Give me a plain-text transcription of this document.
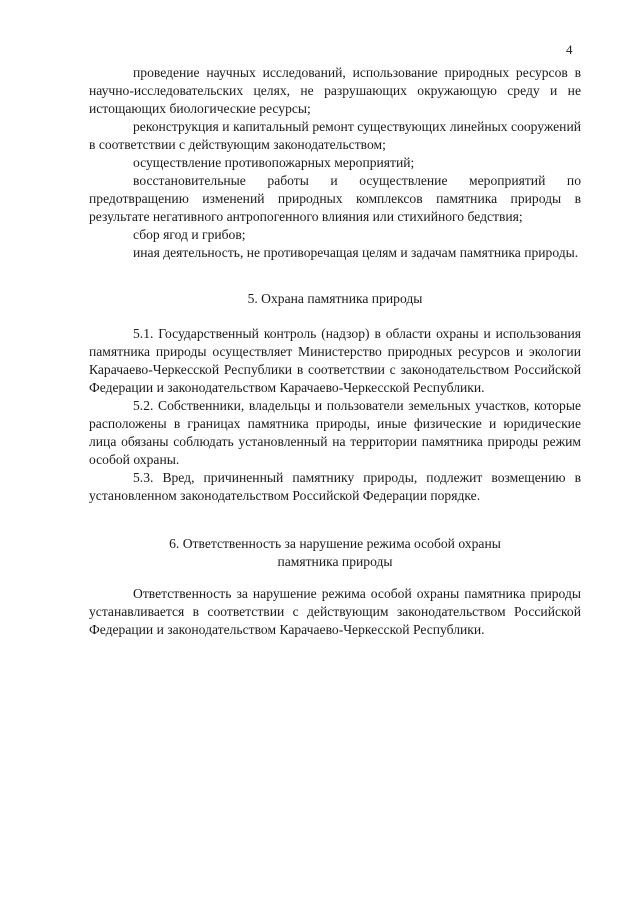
4

проведение научных исследований, использование природных ресурсов в научно-исследовательских целях, не разрушающих окружающую среду и не истощающих биологические ресурсы;

реконструкция и капитальный ремонт существующих линейных сооружений в соответствии с действующим законодательством;

осуществление противопожарных мероприятий;

восстановительные работы и осуществление мероприятий по предотвращению изменений природных комплексов памятника природы в результате негативного антропогенного влияния или стихийного бедствия;

сбор ягод и грибов;

иная деятельность, не противоречащая целям и задачам памятника природы.

5. Охрана памятника природы

5.1. Государственный контроль (надзор) в области охраны и использования памятника природы осуществляет Министерство природных ресурсов и экологии Карачаево-Черкесской Республики в соответствии с законодательством Российской Федерации и законодательством Карачаево-Черкесской Республики.

5.2. Собственники, владельцы и пользователи земельных участков, которые расположены в границах памятника природы, иные физические и юридические лица обязаны соблюдать установленный на территории памятника природы режим особой охраны.

5.3. Вред, причиненный памятнику природы, подлежит возмещению в установленном законодательством Российской Федерации порядке.

6. Ответственность за нарушение режима особой охраны
памятника природы

Ответственность за нарушение режима особой охраны памятника природы устанавливается в соответствии с действующим законодательством Российской Федерации и законодательством Карачаево-Черкесской Республики.
